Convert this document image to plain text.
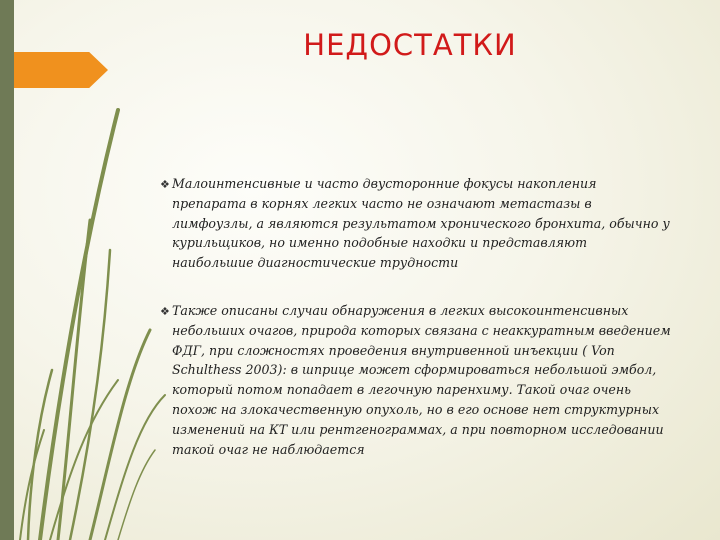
НЕДОСТАТКИ
❖ Малоинтенсивные и часто двусторонние фокусы накопления препарата в корнях легких часто не означают метастазы в лимфоузлы, а являются результатом хронического бронхита, обычно у курильщиков, но именно подобные находки и представляют наибольшие диагностические трудности
❖ Также описаны случаи обнаружения в легких высокоинтенсивных небольших очагов, природа которых связана с неаккуратным введением ФДГ, при сложностях проведения внутривенной инъекции ( Von Schulthess 2003): в шприце может сформироваться небольшой эмбол, который потом попадает в легочную паренхиму. Такой очаг очень похож на злокачественную опухоль, но в его основе нет структурных изменений на КТ или рентгенограммах, а при повторном исследовании такой очаг не наблюдается
